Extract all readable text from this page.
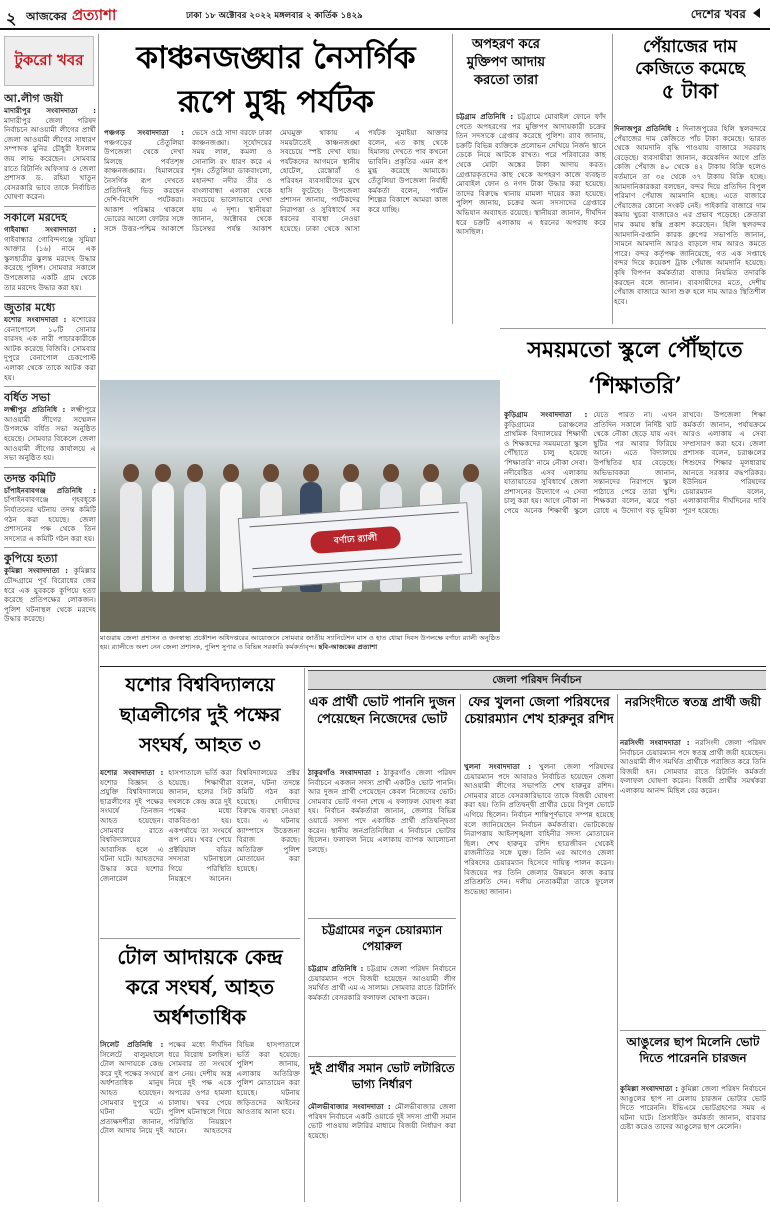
২ আজকের প্রত্যাশা	ঢাকা ১৮ অক্টোবর ২০২২ মঙ্গলবার ২ কার্তিক ১৪২৯	দেশের খবর
টুকরো খবর
আ.লীগ জয়ী

মাদারীপুর সংবাদদাতা : মাদারীপুর জেলা পরিষদ নির্বাচনে আওয়ামী লীগের প্রার্থী জেলা আওয়ামী লীগের সাধারণ সম্পাদক মুনির চৌধুরী ইসলাম জয় লাভ করেছেন। সোমবার রাতে রিটার্নিং অফিসার ও জেলা প্রশাসক ড. রহিমা খাতুন বেসরকারি ভাবে তাকে নির্বাচিত ঘোষণা করেন।

সকালে মরদেহ

গাইবান্ধা সংবাদদাতা : গাইবান্ধার গোবিন্দগঞ্জে সুমিয়া আক্তার (১৬) নামে এক স্কুলছাত্রীর ঝুলন্ত মরদেহ উদ্ধার করেছে পুলিশ। সোমবার সকালে উপজেলার একটি গ্রাম থেকে তার মরদেহ উদ্ধার করা হয়।

জুতার মধ্যে

যশোর সংবাদদাতা : যশোরের বেনাপোলে ১০টি সোনার বারসহ এক নারী পাচারকারীকে আটক করেছে বিজিবি। সোমবার দুপুরে বেনাপোল চেকপোস্ট এলাকা থেকে তাকে আটক করা হয়।

বর্ধিত সভা

লক্ষ্মীপুর প্রতিনিধি : লক্ষ্মীপুরে আওয়ামী লীগের সম্মেলন উপলক্ষে বর্ধিত সভা অনুষ্ঠিত হয়েছে। সোমবার বিকেলে জেলা আওয়ামী লীগের কার্যালয়ে এ সভা অনুষ্ঠিত হয়।

তদন্ত কমিটি

চাঁপাইনবাবগঞ্জ প্রতিনিধি : চাঁপাইনবাবগঞ্জে গৃহবধূকে নির্যাতনের ঘটনায় তদন্ত কমিটি গঠন করা হয়েছে। জেলা প্রশাসনের পক্ষ থেকে তিন সদস্যের এ কমিটি গঠন করা হয়।

কুপিয়ে হত্যা

কুমিল্লা সংবাদদাতা : কুমিল্লার চৌদ্দগ্রামে পূর্ব বিরোধের জের ধরে এক যুবককে কুপিয়ে হত্যা করেছে প্রতিপক্ষের লোকজন। পুলিশ ঘটনাস্থল থেকে মরদেহ উদ্ধার করেছে।

কাঞ্চনজঙ্ঘার নৈসর্গিক
রূপে মুগ্ধ পর্যটক

পঞ্চগড় সংবাদদাতা : পঞ্চগড়ের তেঁতুলিয়া উপজেলা থেকে দেখা মিলছে পর্বতশৃঙ্গ কাঞ্চনজঙ্ঘার। হিমালয়ের নৈসর্গিক রূপ দেখতে প্রতিদিনই ভিড় করছেন দেশি-বিদেশি পর্যটকরা। আকাশ পরিষ্কার থাকলে ভোরের আলো ফোটার সঙ্গে সঙ্গে উত্তর-পশ্চিম আকাশে ভেসে ওঠে সাদা বরফে ঢাকা কাঞ্চনজঙ্ঘা। সূর্যোদয়ের সময় লাল, কমলা ও সোনালি রং ধারণ করে এ শৃঙ্গ। তেঁতুলিয়া ডাকবাংলো, মহানন্দা নদীর তীর ও বাংলাবান্ধা এলাকা থেকে সবচেয়ে ভালোভাবে দেখা যায় এ দৃশ্য। স্থানীয়রা জানান, অক্টোবর থেকে ডিসেম্বর পর্যন্ত আকাশ মেঘমুক্ত থাকায় এ সময়টাতেই কাঞ্চনজঙ্ঘা সবচেয়ে স্পষ্ট দেখা যায়। পর্যটকদের আগমনে স্থানীয় হোটেল, রেস্তোরাঁ ও পরিবহন ব্যবসায়ীদের মুখে হাসি ফুটেছে। উপজেলা প্রশাসন জানায়, পর্যটকদের নিরাপত্তা ও সুবিধার্থে সব ধরনের ব্যবস্থা নেওয়া হয়েছে। ঢাকা থেকে আসা পর্যটক সুমাইয়া আক্তার বলেন, এত কাছ থেকে হিমালয় দেখতে পাব কখনো ভাবিনি। প্রকৃতির এমন রূপ মুগ্ধ করেছে আমাকে। তেঁতুলিয়া উপজেলা নির্বাহী কর্মকর্তা বলেন, পর্যটন শিল্পের বিকাশে আমরা কাজ করে যাচ্ছি।

অপহরণ করে মুক্তিপণ আদায় করতো তারা

চট্টগ্রাম প্রতিনিধি : চট্টগ্রামে মোবাইল ফোনে ফাঁদ পেতে অপহরণের পর মুক্তিপণ আদায়কারী চক্রের তিন সদস্যকে গ্রেপ্তার করেছে পুলিশ। র‍্যাব জানায়, চক্রটি বিভিন্ন ব্যক্তিকে প্রলোভন দেখিয়ে নির্জন স্থানে ডেকে নিয়ে আটকে রাখত। পরে পরিবারের কাছ থেকে মোটা অঙ্কের টাকা আদায় করত। গ্রেপ্তারকৃতদের কাছ থেকে অপহরণ কাজে ব্যবহৃত মোবাইল ফোন ও নগদ টাকা উদ্ধার করা হয়েছে। তাদের বিরুদ্ধে থানায় মামলা দায়ের করা হয়েছে। পুলিশ জানায়, চক্রের অন্য সদস্যদের গ্রেপ্তারে অভিযান অব্যাহত রয়েছে। স্থানীয়রা জানান, দীর্ঘদিন ধরে চক্রটি এলাকায় এ ধরনের অপরাধ করে আসছিল।

পেঁয়াজের দাম
কেজিতে কমেছে
৫ টাকা

দিনাজপুর প্রতিনিধি : দিনাজপুরের হিলি স্থলবন্দরে পেঁয়াজের দাম কেজিতে পাঁচ টাকা কমেছে। ভারত থেকে আমদানি বৃদ্ধি পাওয়ায় বাজারে সরবরাহ বেড়েছে। ব্যবসায়ীরা জানান, কয়েকদিন আগে প্রতি কেজি পেঁয়াজ ৪০ থেকে ৪২ টাকায় বিক্রি হলেও বর্তমানে তা ৩৫ থেকে ৩৭ টাকায় বিক্রি হচ্ছে। আমদানিকারকরা বলছেন, বন্দর দিয়ে প্রতিদিন বিপুল পরিমাণ পেঁয়াজ আমদানি হচ্ছে। এতে বাজারে পেঁয়াজের কোনো সংকট নেই। পাইকারি বাজারে দাম কমায় খুচরা বাজারেও এর প্রভাব পড়েছে। ক্রেতারা দাম কমায় স্বস্তি প্রকাশ করেছেন। হিলি স্থলবন্দর আমদানি-রপ্তানি কারক গ্রুপের সভাপতি জানান, সামনে আমদানি আরও বাড়লে দাম আরও কমতে পারে। বন্দর কর্তৃপক্ষ জানিয়েছে, গত এক সপ্তাহে বন্দর দিয়ে কয়েকশ ট্রাক পেঁয়াজ আমদানি হয়েছে। কৃষি বিপণন কর্মকর্তারা বাজার নিয়মিত তদারকি করছেন বলে জানান। ব্যবসায়ীদের মতে, দেশীয় পেঁয়াজ বাজারে আসা শুরু হলে দাম আরও স্থিতিশীল হবে।

সময়মতো স্কুলে পৌঁছাতে ‘শিক্ষাতরি’

কুড়িগ্রাম সংবাদদাতা : কুড়িগ্রামের চরাঞ্চলের প্রাথমিক বিদ্যালয়ের শিক্ষার্থী ও শিক্ষকদের সময়মতো স্কুলে পৌঁছাতে চালু হয়েছে ‘শিক্ষাতরি’ নামে নৌকা সেবা। নদীবেষ্টিত এসব এলাকায় যাতায়াতের সুবিধার্থে জেলা প্রশাসনের উদ্যোগে এ সেবা চালু করা হয়। আগে নৌকা না পেয়ে অনেক শিক্ষার্থী স্কুলে যেতে পারত না। এখন প্রতিদিন সকালে নির্দিষ্ট ঘাট থেকে নৌকা ছেড়ে যায় এবং ছুটির পর আবার ফিরিয়ে আনে। এতে বিদ্যালয়ে উপস্থিতির হার বেড়েছে। অভিভাবকরা জানান, সন্তানদের নিরাপদে স্কুলে পাঠাতে পেরে তারা খুশি। শিক্ষকরা বলেন, ঝরে পড়া রোধে এ উদ্যোগ বড় ভূমিকা রাখবে। উপজেলা শিক্ষা কর্মকর্তা জানান, পর্যায়ক্রমে আরও এলাকায় এ সেবা সম্প্রসারণ করা হবে। জেলা প্রশাসক বলেন, চরাঞ্চলের শিশুদের শিক্ষার মূলধারায় আনতে সরকার বদ্ধপরিকর। ইউনিয়ন পরিষদের চেয়ারম্যান বলেন, এলাকাবাসীর দীর্ঘদিনের দাবি পূরণ হয়েছে।

বর্ণাঢ্য র‍্যালী
মাগুরায় জেলা প্রশাসন ও জনস্বাস্থ্য প্রকৌশল অধিদপ্তরের আয়োজনে সোমবার জাতীয় স্যানিটেশন মাস ও হাত ধোয়া দিবস উপলক্ষে বর্ণাঢ্য র‍্যালী অনুষ্ঠিত হয়। র‍্যালীতে অংশ নেন জেলা প্রশাসক, পুলিশ সুপার ও বিভিন্ন সরকারি কর্মকর্তাবৃন্দ। ছবি-আজকের প্রত্যাশা
যশোর বিশ্ববিদ্যালয়ে ছাত্রলীগের দুই পক্ষের সংঘর্ষ, আহত ৩

যশোর সংবাদদাতা : যশোর বিজ্ঞান ও প্রযুক্তি বিশ্ববিদ্যালয়ে ছাত্রলীগের দুই পক্ষের সংঘর্ষে তিনজন আহত হয়েছেন। সোমবার রাতে বিশ্ববিদ্যালয়ের আবাসিক হলে এ ঘটনা ঘটে। আহতদের উদ্ধার করে যশোর জেনারেল হাসপাতালে ভর্তি করা হয়েছে। শিক্ষার্থীরা জানান, হলের সিট দখলকে কেন্দ্র করে দুই পক্ষের মধ্যে বাকবিতণ্ডা হয়। একপর্যায়ে তা সংঘর্ষে রূপ নেয়। খবর পেয়ে প্রক্টরিয়াল বডির সদস্যরা ঘটনাস্থলে গিয়ে পরিস্থিতি নিয়ন্ত্রণে আনেন। বিশ্ববিদ্যালয়ের প্রক্টর বলেন, ঘটনা তদন্তে কমিটি গঠন করা হয়েছে। দোষীদের বিরুদ্ধে ব্যবস্থা নেওয়া হবে। এ ঘটনায় ক্যাম্পাসে উত্তেজনা বিরাজ করছে। অতিরিক্ত পুলিশ মোতায়েন করা হয়েছে।

টোল আদায়কে কেন্দ্র করে সংঘর্ষ, আহত অর্ধশতাধিক

সিলেট প্রতিনিধি : সিলেটে বালুমহালে টোল আদায়কে কেন্দ্র করে দুই পক্ষের সংঘর্ষে অর্ধশতাধিক মানুষ আহত হয়েছেন। সোমবার দুপুরে এ ঘটনা ঘটে। প্রত্যক্ষদর্শীরা জানান, টোল আদায় নিয়ে দুই পক্ষের মধ্যে দীর্ঘদিন ধরে বিরোধ চলছিল। সোমবার তা সংঘর্ষে রূপ নেয়। দেশীয় অস্ত্র নিয়ে দুই পক্ষ একে অপরের ওপর হামলা চালায়। খবর পেয়ে পুলিশ ঘটনাস্থলে গিয়ে পরিস্থিতি নিয়ন্ত্রণে আনে। আহতদের বিভিন্ন হাসপাতালে ভর্তি করা হয়েছে। পুলিশ জানায়, এলাকায় অতিরিক্ত পুলিশ মোতায়েন করা হয়েছে। ঘটনায় জড়িতদের আইনের আওতায় আনা হবে।

জেলা পরিষদ নির্বাচন
এক প্রার্থী ভোট পাননি দুজন পেয়েছেন নিজেদের ভোট

ঠাকুরগাঁও সংবাদদাতা : ঠাকুরগাঁও জেলা পরিষদ নির্বাচনে একজন সদস্য প্রার্থী একটিও ভোট পাননি। আর দুজন প্রার্থী পেয়েছেন কেবল নিজেদের ভোট। সোমবার ভোট গণনা শেষে এ ফলাফল ঘোষণা করা হয়। নির্বাচন কর্মকর্তারা জানান, জেলার বিভিন্ন ওয়ার্ডে সদস্য পদে একাধিক প্রার্থী প্রতিদ্বন্দ্বিতা করেন। স্থানীয় জনপ্রতিনিধিরা এ নির্বাচনে ভোটার ছিলেন। ফলাফল নিয়ে এলাকায় ব্যাপক আলোচনা চলছে।

চট্টগ্রামের নতুন চেয়ারম্যান পেয়ারুল

চট্টগ্রাম প্রতিনিধি : চট্টগ্রাম জেলা পরিষদ নির্বাচনে চেয়ারম্যান পদে বিজয়ী হয়েছেন আওয়ামী লীগ সমর্থিত প্রার্থী এম এ সালাম। সোমবার রাতে রিটার্নিং কর্মকর্তা বেসরকারি ফলাফল ঘোষণা করেন।

দুই প্রার্থীর সমান ভোট লটারিতে ভাগ্য নির্ধারণ

মৌলভীবাজার সংবাদদাতা : মৌলভীবাজার জেলা পরিষদ নির্বাচনে একটি ওয়ার্ডে দুই সদস্য প্রার্থী সমান ভোট পাওয়ায় লটারির মাধ্যমে বিজয়ী নির্ধারণ করা হয়েছে।

ফের খুলনা জেলা পরিষদের চেয়ারম্যান শেখ হারুনুর রশিদ

খুলনা সংবাদদাতা : খুলনা জেলা পরিষদের চেয়ারম্যান পদে আবারও নির্বাচিত হয়েছেন জেলা আওয়ামী লীগের সভাপতি শেখ হারুনুর রশিদ। সোমবার রাতে বেসরকারিভাবে তাকে বিজয়ী ঘোষণা করা হয়। তিনি প্রতিদ্বন্দ্বী প্রার্থীর চেয়ে বিপুল ভোটে এগিয়ে ছিলেন। নির্বাচন শান্তিপূর্ণভাবে সম্পন্ন হয়েছে বলে জানিয়েছেন নির্বাচন কর্মকর্তারা। ভোটকেন্দ্রে নিরাপত্তায় আইনশৃঙ্খলা বাহিনীর সদস্য মোতায়েন ছিল। শেখ হারুনুর রশিদ ছাত্রজীবন থেকেই রাজনীতির সঙ্গে যুক্ত। তিনি এর আগেও জেলা পরিষদের চেয়ারম্যান হিসেবে দায়িত্ব পালন করেন। বিজয়ের পর তিনি জেলার উন্নয়নে কাজ করার প্রতিশ্রুতি দেন। দলীয় নেতাকর্মীরা তাকে ফুলেল শুভেচ্ছা জানান।

নরসিংদীতে স্বতন্ত্র প্রার্থী জয়ী

নরসিংদী সংবাদদাতা : নরসিংদী জেলা পরিষদ নির্বাচনে চেয়ারম্যান পদে স্বতন্ত্র প্রার্থী জয়ী হয়েছেন। আওয়ামী লীগ সমর্থিত প্রার্থীকে পরাজিত করে তিনি বিজয়ী হন। সোমবার রাতে রিটার্নিং কর্মকর্তা ফলাফল ঘোষণা করেন। বিজয়ী প্রার্থীর সমর্থকরা এলাকায় আনন্দ মিছিল বের করেন।

আঙুলের ছাপ মিলেনি ভোট দিতে পারেননি চারজন

কুমিল্লা সংবাদদাতা : কুমিল্লা জেলা পরিষদ নির্বাচনে আঙুলের ছাপ না মেলায় চারজন ভোটার ভোট দিতে পারেননি। ইভিএমে ভোটগ্রহণের সময় এ ঘটনা ঘটে। প্রিসাইডিং কর্মকর্তা জানান, বারবার চেষ্টা করেও তাদের আঙুলের ছাপ মেলেনি।
